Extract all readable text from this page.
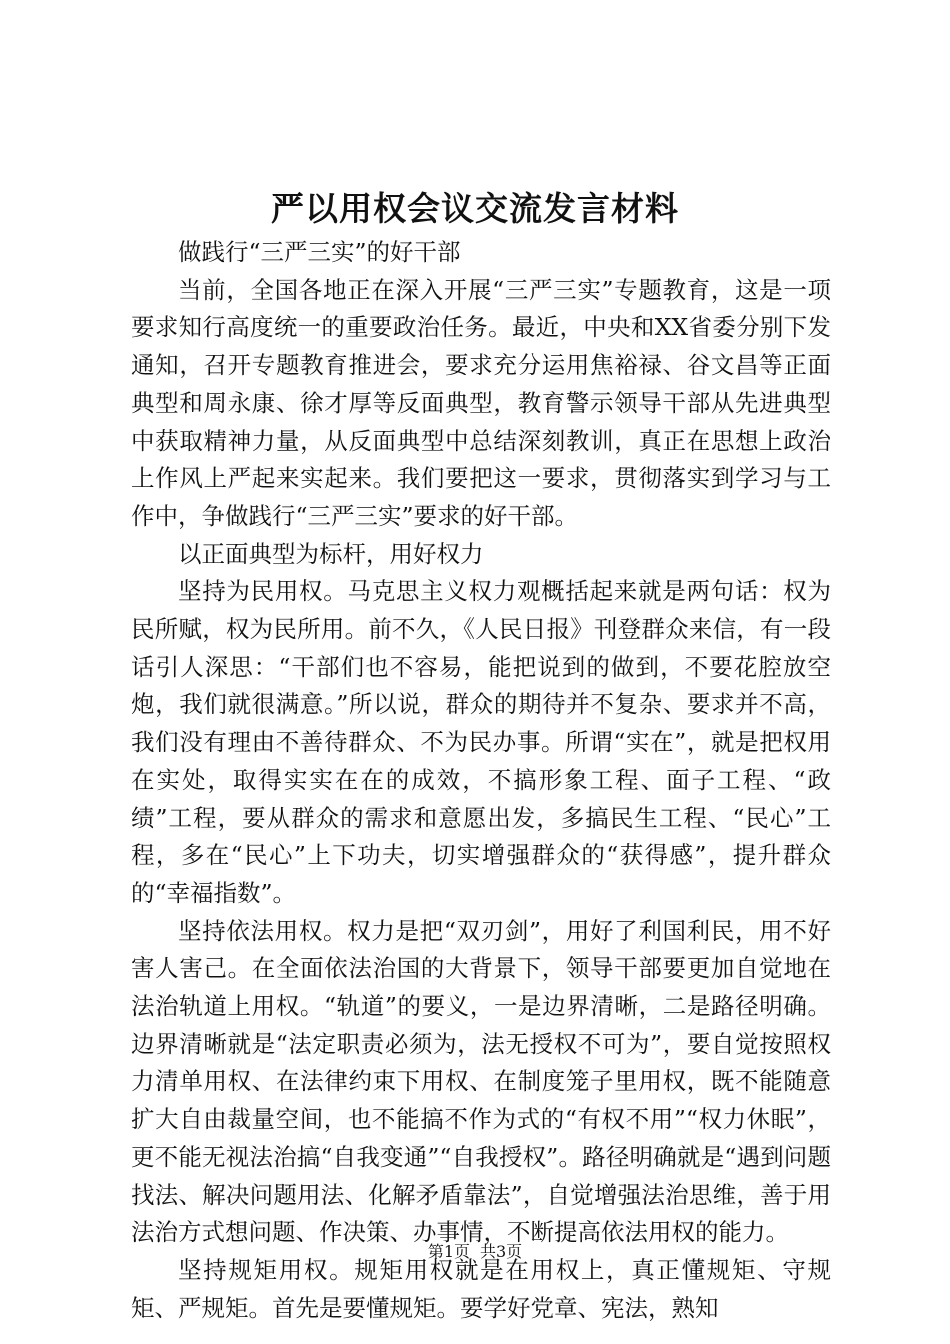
严以用权会议交流发言材料

做践行“三严三实”的好干部

当前，全国各地正在深入开展“三严三实”专题教育，这是一项要求知行高度统一的重要政治任务。最近，中央和XX省委分别下发通知，召开专题教育推进会，要求充分运用焦裕禄、谷文昌等正面典型和周永康、徐才厚等反面典型，教育警示领导干部从先进典型中获取精神力量，从反面典型中总结深刻教训，真正在思想上政治上作风上严起来实起来。我们要把这一要求，贯彻落实到学习与工作中，争做践行“三严三实”要求的好干部。

以正面典型为标杆，用好权力

坚持为民用权。马克思主义权力观概括起来就是两句话：权为民所赋，权为民所用。前不久，《人民日报》刊登群众来信，有一段话引人深思：“干部们也不容易，能把说到的做到，不要花腔放空炮，我们就很满意。”所以说，群众的期待并不复杂、要求并不高，我们没有理由不善待群众、不为民办事。所谓“实在”，就是把权用在实处，取得实实在在的成效，不搞形象工程、面子工程、“政绩”工程，要从群众的需求和意愿出发，多搞民生工程、“民心”工程，多在“民心”上下功夫，切实增强群众的“获得感”，提升群众的“幸福指数”。

坚持依法用权。权力是把“双刃剑”，用好了利国利民，用不好害人害己。在全面依法治国的大背景下，领导干部要更加自觉地在法治轨道上用权。“轨道”的要义，一是边界清晰，二是路径明确。边界清晰就是“法定职责必须为，法无授权不可为”，要自觉按照权力清单用权、在法律约束下用权、在制度笼子里用权，既不能随意扩大自由裁量空间，也不能搞不作为式的“有权不用”“权力休眠”，更不能无视法治搞“自我变通”“自我授权”。路径明确就是“遇到问题找法、解决问题用法、化解矛盾靠法”，自觉增强法治思维，善于用法治方式想问题、作决策、办事情，不断提高依法用权的能力。

坚持规矩用权。规矩用权就是在用权上，真正懂规矩、守规矩、严规矩。首先是要懂规矩。要学好党章、宪法，熟知

第1页 共3页
